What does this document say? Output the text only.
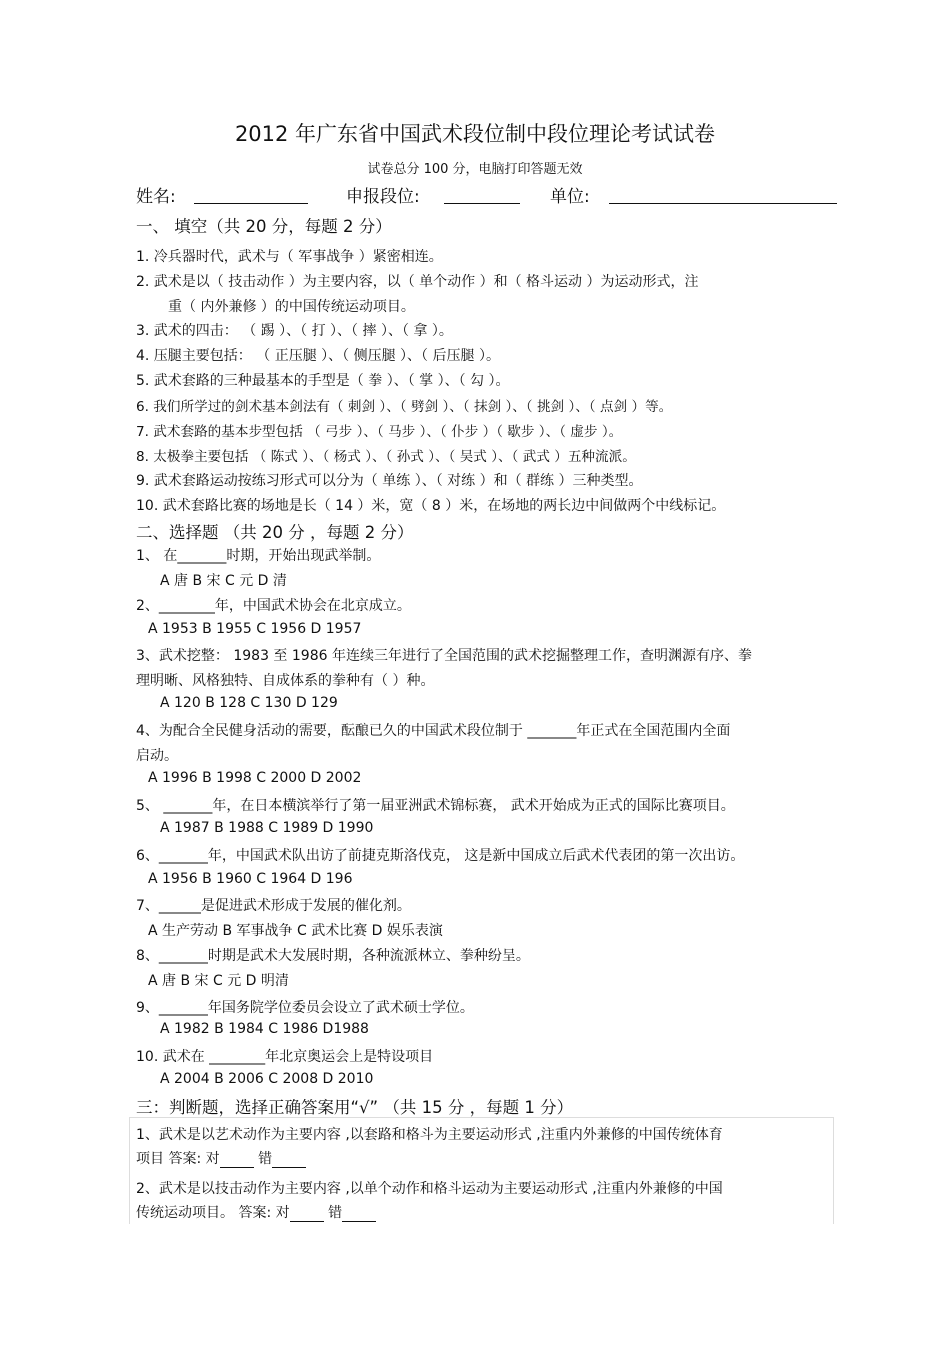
2012 年广东省中国武术段位制中段位理论考试试卷
试卷总分 100 分，电脑打印答题无效
姓名:	申报段位:	单位:
一、 填空（共 20 分，每题 2 分）
1. 冷兵器时代，武术与（ 军事战争 ）紧密相连。
2. 武术是以（ 技击动作 ）为主要内容，以（ 单个动作 ）和（ 格斗运动 ）为运动形式，注
重（ 内外兼修 ）的中国传统运动项目。
3. 武术的四击： （ 踢 ）、（ 打 ）、（ 摔 ）、（ 拿 ）。
4. 压腿主要包括： （ 正压腿 ）、（ 侧压腿 ）、（ 后压腿 ）。
5. 武术套路的三种最基本的手型是（ 拳 ）、（ 掌 ）、（ 勾 ）。
6. 我们所学过的剑术基本剑法有（ 刺剑 ）、（ 劈剑 ）、（ 抹剑 ）、（ 挑剑 ）、（ 点剑 ）等。
7. 武术套路的基本步型包括 （ 弓步 ）、（ 马步 ）、（ 仆步 ）（ 歇步 ）、（ 虚步 ）。
8. 太极拳主要包括 （ 陈式 ）、（ 杨式 ）、（ 孙式 ）、（ 吴式 ）、（ 武式 ）五种流派。
9. 武术套路运动按练习形式可以分为（ 单练 ）、（ 对练 ）和（ 群练 ）三种类型。
10. 武术套路比赛的场地是长（ 14 ）米，宽（ 8 ）米，在场地的两长边中间做两个中线标记。
二、选择题 （共 20 分 ，每题 2 分）
1、 在_______时期，开始出现武举制。
A 唐 B 宋 C 元 D 清
2、________年，中国武术协会在北京成立。
A 1953 B 1955 C 1956 D 1957
3、武术挖整： 1983 至 1986 年连续三年进行了全国范围的武术挖掘整理工作，查明渊源有序、拳
理明晰、风格独特、自成体系的拳种有（ ）种。
A 120 B 128 C 130 D 129
4、为配合全民健身活动的需要，酝酿已久的中国武术段位制于 _______年正式在全国范围内全面
启动。
A 1996 B 1998 C 2000 D 2002
5、 _______年，在日本横滨举行了第一届亚洲武术锦标赛， 武术开始成为正式的国际比赛项目。
A 1987 B 1988 C 1989 D 1990
6、_______年，中国武术队出访了前捷克斯洛伐克， 这是新中国成立后武术代表团的第一次出访。
A 1956 B 1960 C 1964 D 196
7、______是促进武术形成于发展的催化剂。
A 生产劳动 B 军事战争 C 武术比赛 D 娱乐表演
8、_______时期是武术大发展时期，各种流派林立、拳种纷呈。
A 唐 B 宋 C 元 D 明清
9、_______年国务院学位委员会设立了武术硕士学位。
A 1982 B 1984 C 1986 D1988
10. 武术在 ________年北京奥运会上是特设项目
A 2004 B 2006 C 2008 D 2010
三：判断题，选择正确答案用“√” （共 15 分 ，每题 1 分）
1、武术是以艺术动作为主要内容 ,以套路和格斗为主要运动形式 ,注重内外兼修的中国传统体育
项目 答案: 对 错
2、武术是以技击动作为主要内容 ,以单个动作和格斗运动为主要运动形式 ,注重内外兼修的中国
传统运动项目。 答案: 对 错
